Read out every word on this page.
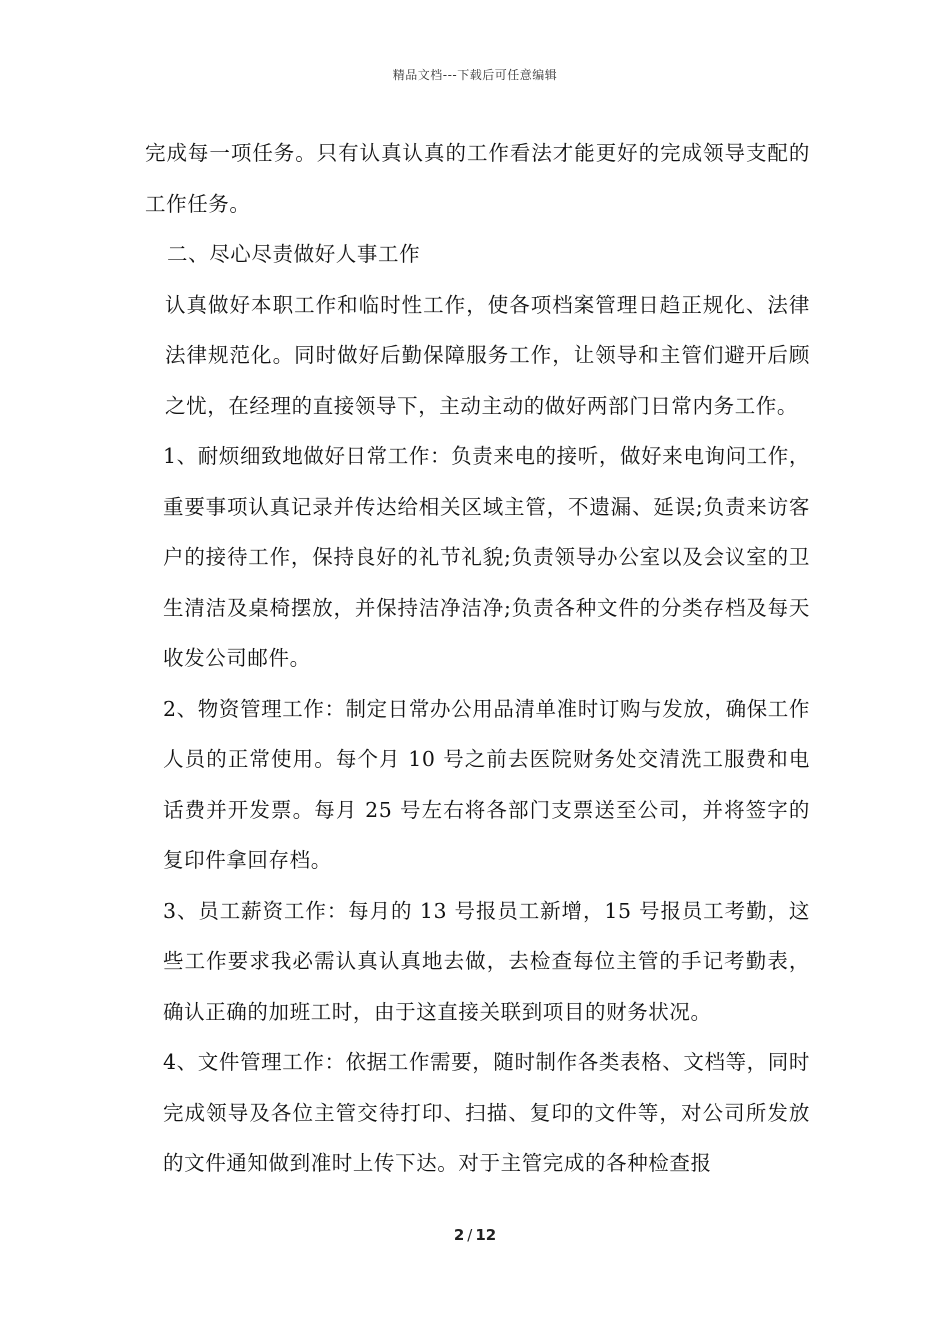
精品文档---下载后可任意编辑

完成每一项任务。只有认真认真的工作看法才能更好的完成领导支配的工作任务。

二、尽心尽责做好人事工作

认真做好本职工作和临时性工作，使各项档案管理日趋正规化、法律法律规范化。同时做好后勤保障服务工作，让领导和主管们避开后顾之忧，在经理的直接领导下，主动主动的做好两部门日常内务工作。

1、耐烦细致地做好日常工作：负责来电的接听，做好来电询问工作，重要事项认真记录并传达给相关区域主管，不遗漏、延误;负责来访客户的接待工作，保持良好的礼节礼貌;负责领导办公室以及会议室的卫生清洁及桌椅摆放，并保持洁净洁净;负责各种文件的分类存档及每天收发公司邮件。

2、物资管理工作：制定日常办公用品清单准时订购与发放，确保工作人员的正常使用。每个月 10 号之前去医院财务处交清洗工服费和电话费并开发票。每月 25 号左右将各部门支票送至公司，并将签字的复印件拿回存档。

3、员工薪资工作：每月的 13 号报员工新增，15 号报员工考勤，这些工作要求我必需认真认真地去做，去检查每位主管的手记考勤表，确认正确的加班工时，由于这直接关联到项目的财务状况。

4、文件管理工作：依据工作需要，随时制作各类表格、文档等，同时完成领导及各位主管交待打印、扫描、复印的文件等，对公司所发放的文件通知做到准时上传下达。对于主管完成的各种检查报

2 / 12
